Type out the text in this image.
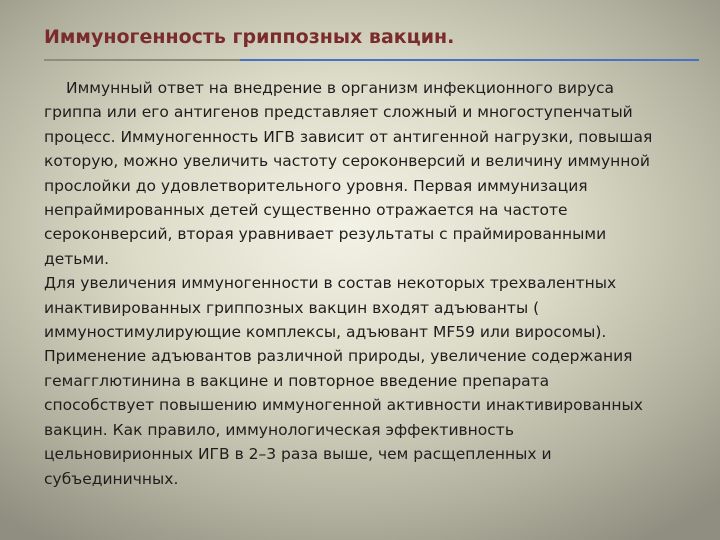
Иммуногенность гриппозных вакцин.
Иммунный ответ на внедрение в организм инфекционного вируса
гриппа или его антигенов представляет сложный и многоступенчатый
процесс. Иммуногенность ИГВ зависит от антигенной нагрузки, повышая
которую, можно увеличить частоту сероконверсий и величину иммунной
прослойки до удовлетворительного уровня. Первая иммунизация
непраймированных детей существенно отражается на частоте
сероконверсий, вторая уравнивает результаты с праймированными
детьми.
Для увеличения иммуногенности в состав некоторых трехвалентных
инактивированных гриппозных вакцин входят адъюванты (
иммуностимулирующие комплексы, адъювант MF59 или виросомы).
Применение адъювантов различной природы, увеличение содержания
гемагглютинина в вакцине и повторное введение препарата
способствует повышению иммуногенной активности инактивированных
вакцин. Как правило, иммунологическая эффективность
цельновирионных ИГВ в 2–3 раза выше, чем расщепленных и
субъединичных.
